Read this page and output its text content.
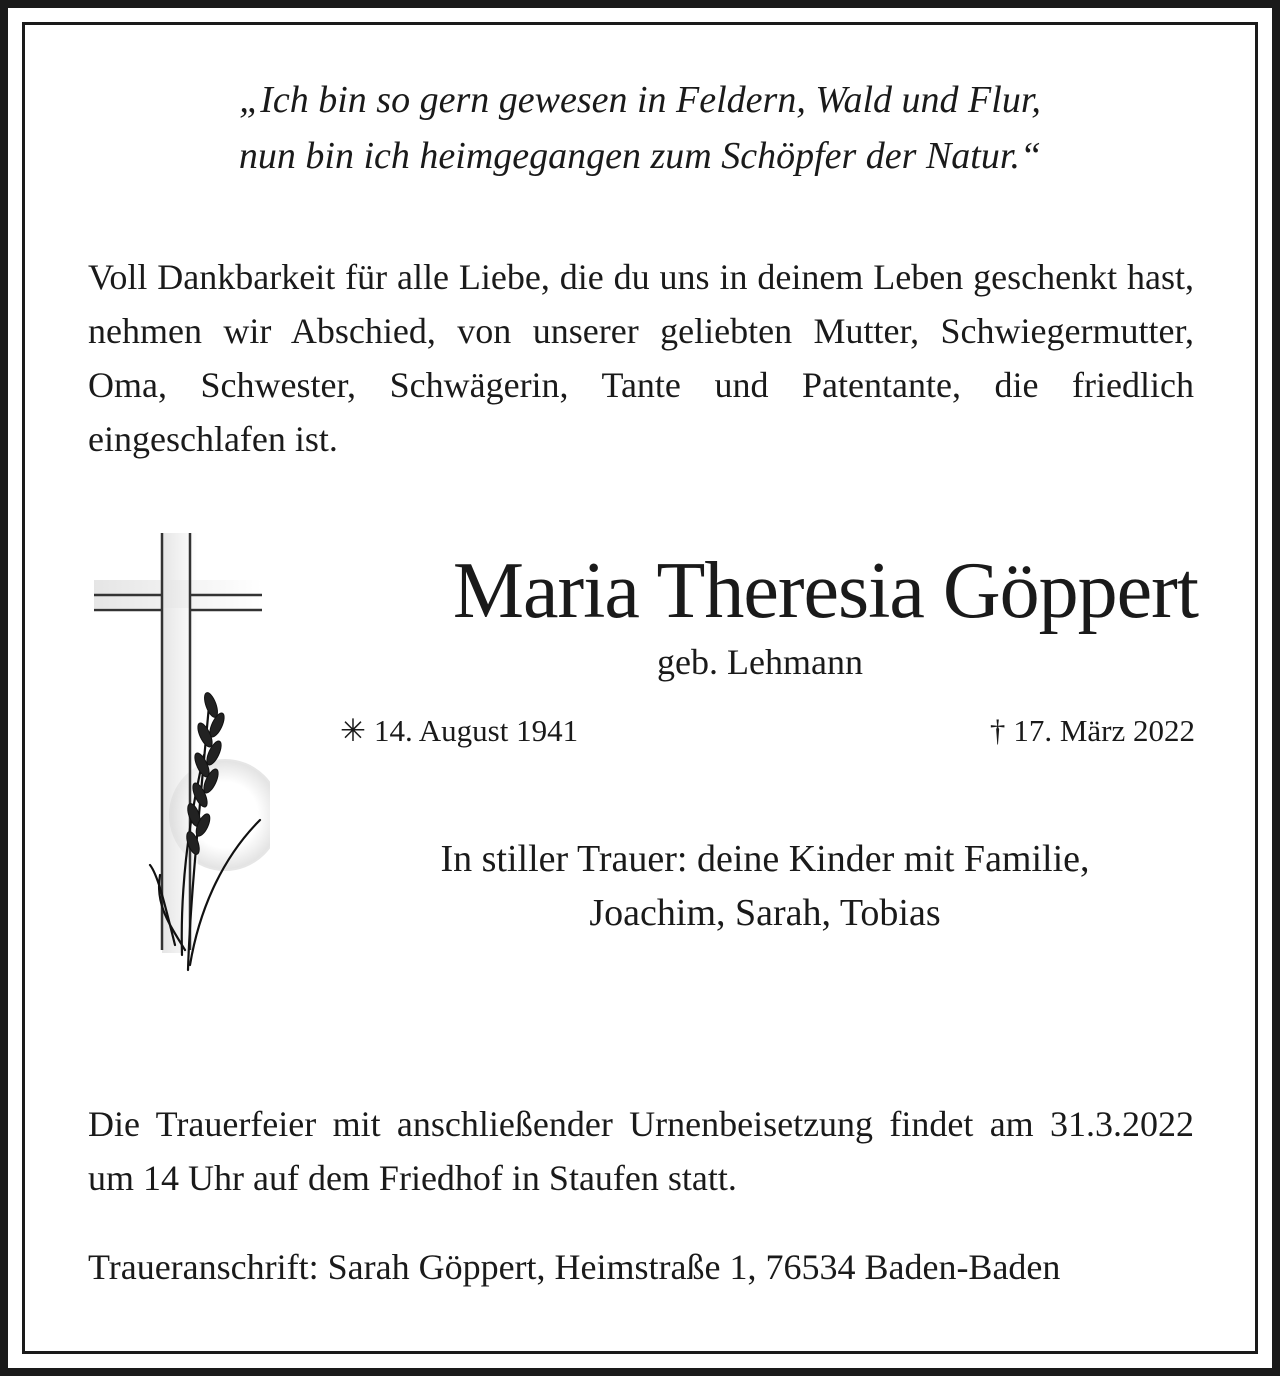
„Ich bin so gern gewesen in Feldern, Wald und Flur,
nun bin ich heimgegangen zum Schöpfer der Natur.“
Voll Dankbarkeit für alle Liebe, die du uns in deinem Leben geschenkt hast, nehmen wir Abschied, von unserer geliebten Mutter, Schwiegermutter, Oma, Schwester, Schwägerin, Tante und Patentante, die friedlich eingeschlafen ist.
Maria Theresia Göppert
geb. Lehmann
✳ 14. August 1941	† 17. März 2022
In stiller Trauer: deine Kinder mit Familie,
Joachim, Sarah, Tobias
Die Trauerfeier mit anschließender Urnenbeisetzung findet am 31.3.2022 um 14 Uhr auf dem Friedhof in Staufen statt.
Traueranschrift: Sarah Göppert, Heimstraße 1, 76534 Baden-Baden
